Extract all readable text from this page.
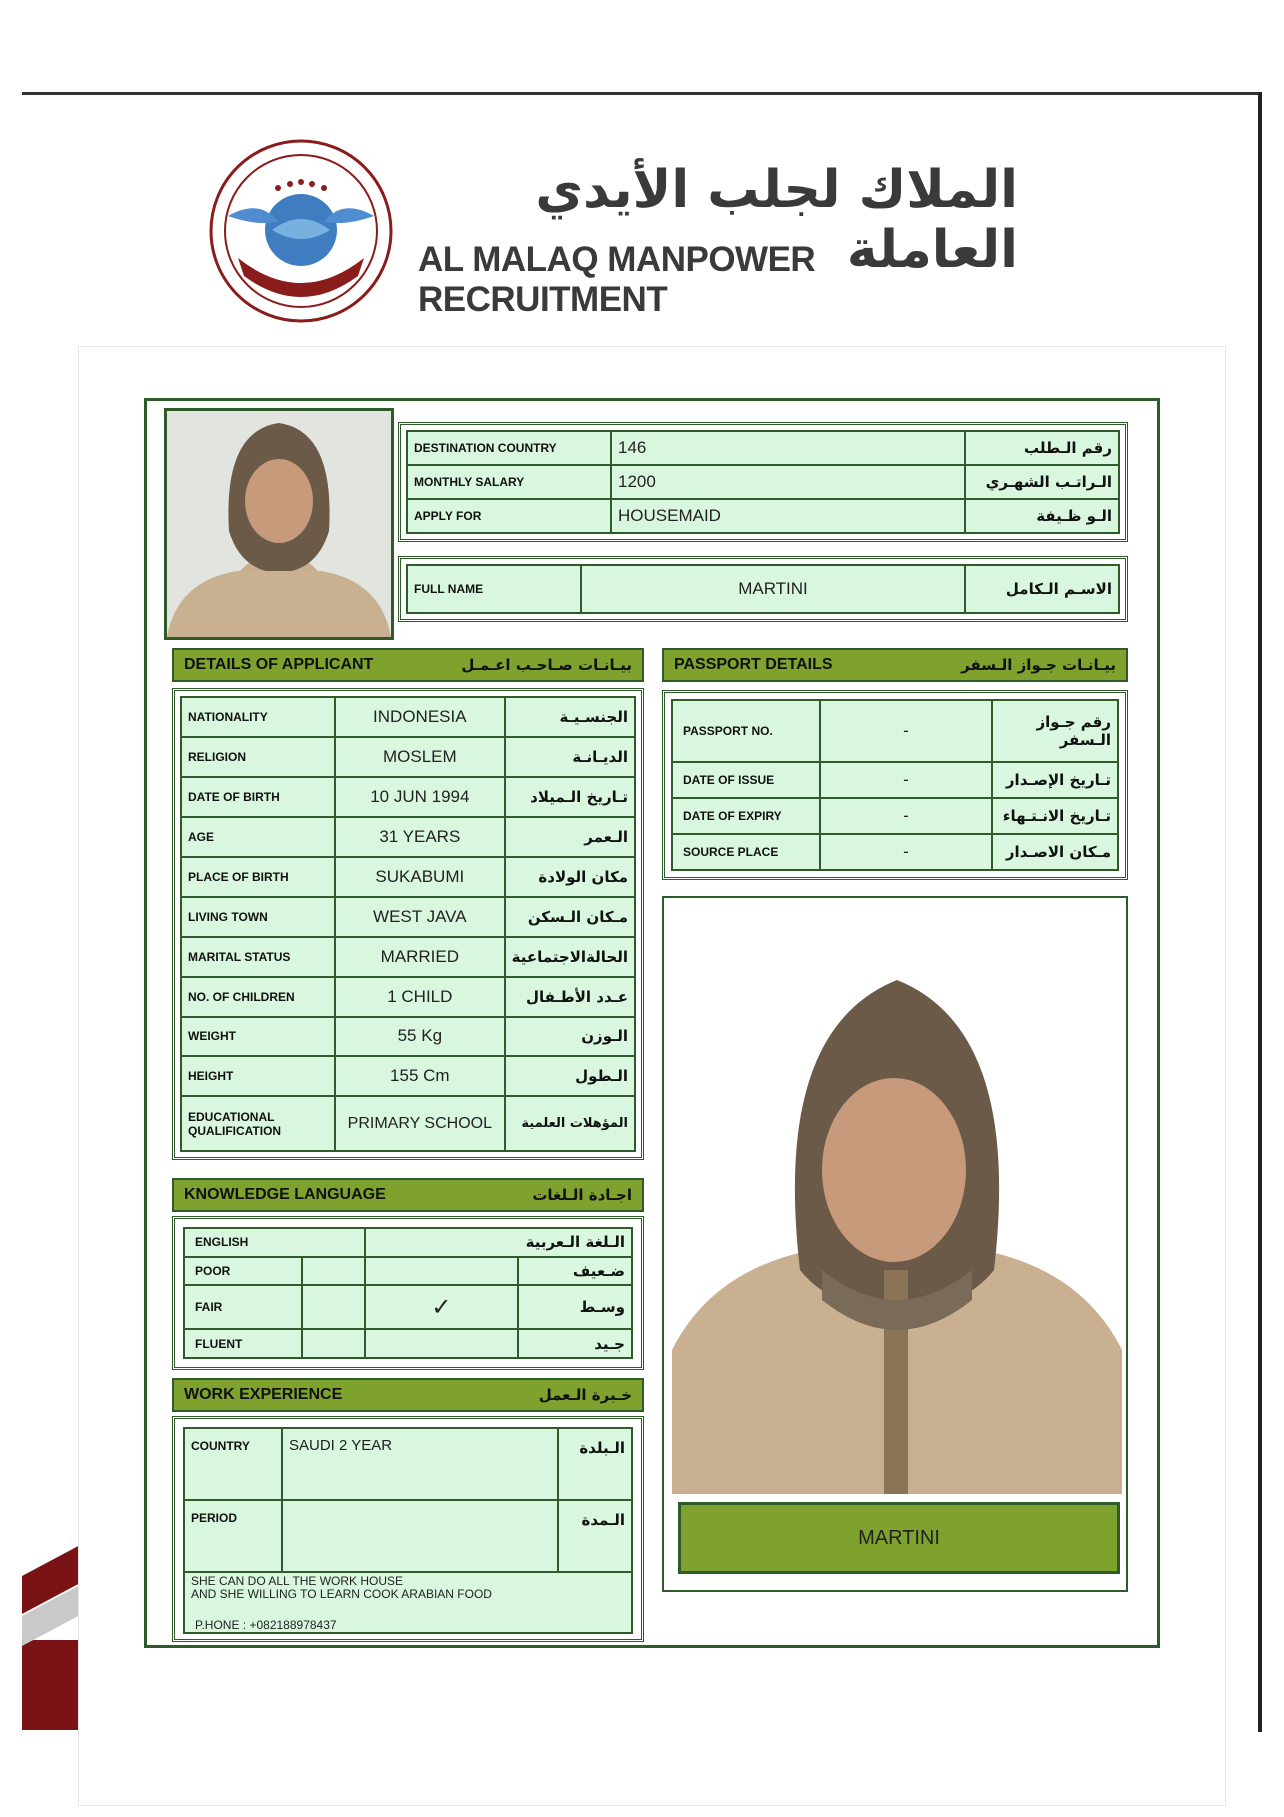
الملاك لجلب الأيدي العاملة
AL MALAQ MANPOWER RECRUITMENT
DESTINATION COUNTRY	146	رقم الـطلب
MONTHLY SALARY	1200	الـراتـب الشهـري
APPLY FOR	HOUSEMAID	الـو ظـيفة
FULL NAME	MARTINI	الاسـم الـكامل
DETAILS OF APPLICANT	بيـانـات صـاحـب اعـمـل
NATIONALITY	INDONESIA	الجنسـيـة
RELIGION	MOSLEM	الديـانـة
DATE OF BIRTH	10 JUN 1994	تـاريخ الـميلاد
AGE	31 YEARS	الـعمر
PLACE OF BIRTH	SUKABUMI	مكان الولادة
LIVING TOWN	WEST JAVA	مـكان الـسكن
MARITAL STATUS	MARRIED	الحالةالاجتماعية
NO. OF CHILDREN	1 CHILD	عـدد الأطـفال
WEIGHT	55 Kg	الـوزن
HEIGHT	155 Cm	الـطول
EDUCATIONAL QUALIFICATION	PRIMARY SCHOOL	المؤهلات العلمية
PASSPORT DETAILS	بيـانـات جـواز الـسفر
PASSPORT NO.	-	رقم جـواز الـسفر
DATE OF ISSUE	-	تـاريخ الإصـدار
DATE OF EXPIRY	-	تـاريخ الانـتـهاء
SOURCE PLACE	-	مـكان الاصـدار
MARTINI
KNOWLEDGE LANGUAGE	اجـادة الـلغات
ENGLISH		الـلغة الـعربية	
POOR			ضـعيف
FAIR		✓	وسـط
FLUENT			جـيد
WORK EXPERIENCE	خـبرة الـعمل
COUNTRY	SAUDI 2 YEAR	الـبلدة
PERIOD		الـمدة

SHE CAN DO ALL THE WORK HOUSE
AND SHE WILLING TO LEARN COOK ARABIAN FOOD
P.HONE : +082188978437		
